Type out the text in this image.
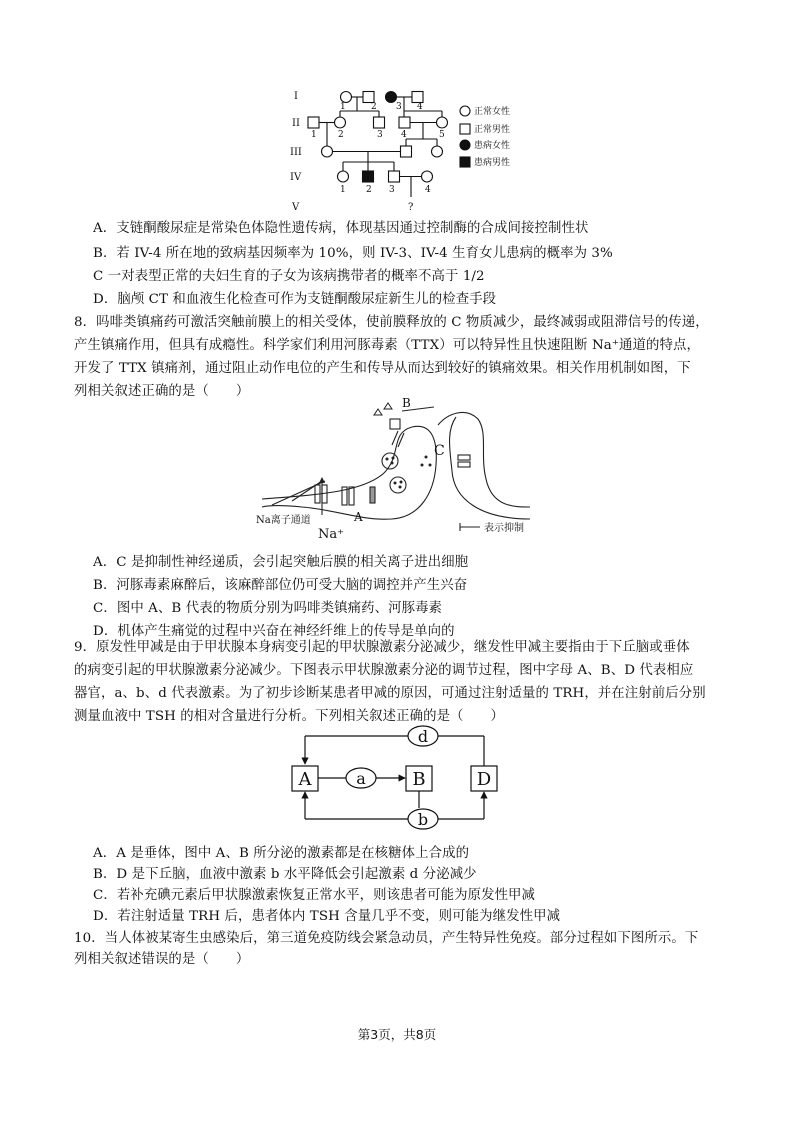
I
II
III
IV
V
1	2 3 4
1 2	3 4	5
1 2 3	4
?
正常女性
正常男性
患病女性
患病男性
A．支链酮酸尿症是常染色体隐性遗传病，体现基因通过控制酶的合成间接控制性状
B．若 IV-4 所在地的致病基因频率为 10%，则 IV-3、IV-4 生育女儿患病的概率为 3%
C 一对表型正常的夫妇生育的子女为该病携带者的概率不高于 1/2
D．脑颅 CT 和血液生化检查可作为支链酮酸尿症新生儿的检查手段
8．吗啡类镇痛药可激活突触前膜上的相关受体，使前膜释放的 C 物质减少，最终减弱或阻滞信号的传递，
产生镇痛作用，但具有成瘾性。科学家们利用河豚毒素（TTX）可以特异性且快速阻断 Na⁺通道的特点，
开发了 TTX 镇痛剂，通过阻止动作电位的产生和传导从而达到较好的镇痛效果。相关作用机制如图，下
列相关叙述正确的是（　　）
B
C
A
Na离子通道
Na⁺	表示抑制
A．C 是抑制性神经递质，会引起突触后膜的相关离子进出细胞
B．河豚毒素麻醉后，该麻醉部位仍可受大脑的调控并产生兴奋
C．图中 A、B 代表的物质分别为吗啡类镇痛药、河豚毒素
D．机体产生痛觉的过程中兴奋在神经纤维上的传导是单向的
9．原发性甲减是由于甲状腺本身病变引起的甲状腺激素分泌减少，继发性甲减主要指由于下丘脑或垂体
的病变引起的甲状腺激素分泌减少。下图表示甲状腺激素分泌的调节过程，图中字母 A、B、D 代表相应
器官，a、b、d 代表激素。为了初步诊断某患者甲减的原因，可通过注射适量的 TRH，并在注射前后分别
测量血液中 TSH 的相对含量进行分析。下列相关叙述正确的是（　　）
A	B	D
a
b
d
A．A 是垂体，图中 A、B 所分泌的激素都是在核糖体上合成的
B．D 是下丘脑，血液中激素 b 水平降低会引起激素 d 分泌减少
C．若补充碘元素后甲状腺激素恢复正常水平，则该患者可能为原发性甲减
D．若注射适量 TRH 后，患者体内 TSH 含量几乎不变，则可能为继发性甲减
10．当人体被某寄生虫感染后，第三道免疫防线会紧急动员，产生特异性免疫。部分过程如下图所示。下
列相关叙述错误的是（　　）
第3页，共8页
